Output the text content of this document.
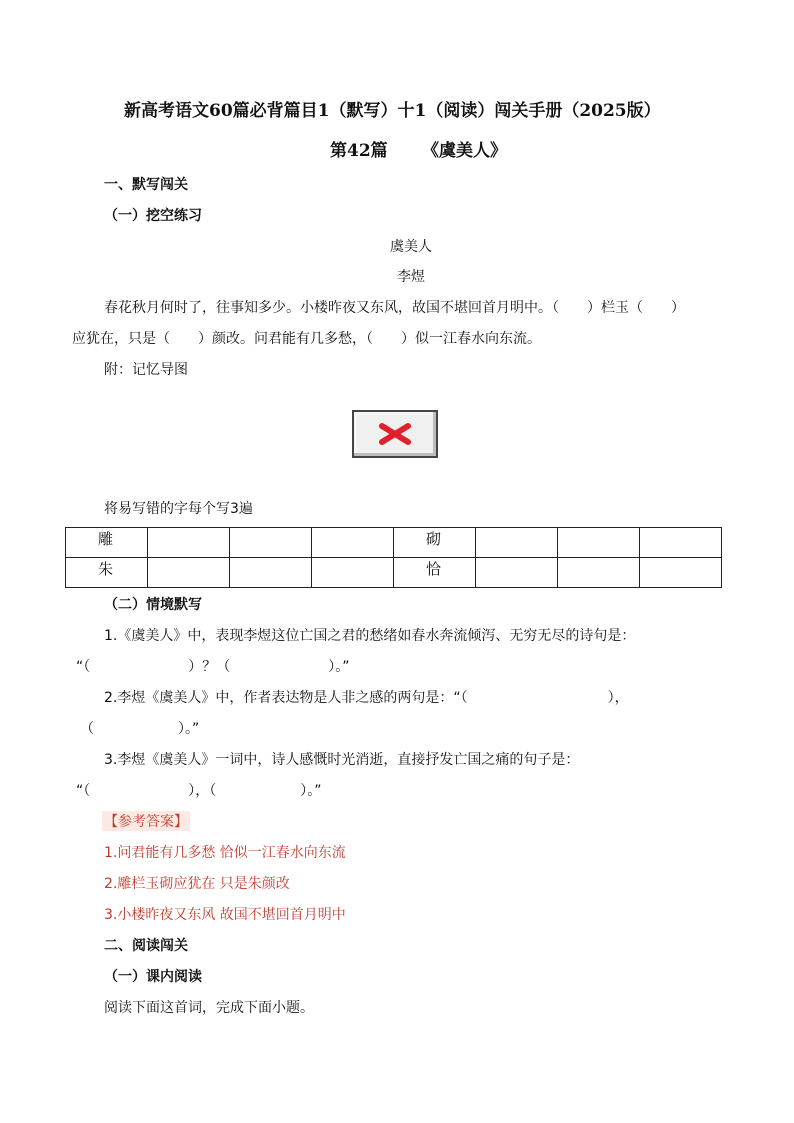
新高考语文60篇必背篇目1（默写）十1（阅读）闯关手册（2025版）
第42篇 《虞美人》
一、默写闯关
（一）挖空练习
虞美人
李煜
春花秋月何时了，往事知多少。小楼昨夜又东风，故国不堪回首月明中。（　　）栏玉（　　）
应犹在，只是（　　）颜改。问君能有几多愁，（　　）似一江春水向东流。
附：记忆导图
将易写错的字每个写3遍
雕				砌			
朱				恰			
（二）情境默写
1.《虞美人》中，表现李煜这位亡国之君的愁绪如春水奔流倾泻、无穷无尽的诗句是：
“（　　　　　　　）？（　　　　　　　）。”
2.李煜《虞美人》中，作者表达物是人非之感的两句是：“（　　　　　　　　　　），
（　　　　　　）。”
3.李煜《虞美人》一词中，诗人感慨时光消逝，直接抒发亡国之痛的句子是：
“（　　　　　　　），（　　　　　　）。”
【参考答案】
1.问君能有几多愁 恰似一江春水向东流
2.雕栏玉砌应犹在 只是朱颜改
3.小楼昨夜又东风 故国不堪回首月明中
二、阅读闯关
（一）课内阅读
阅读下面这首词，完成下面小题。
